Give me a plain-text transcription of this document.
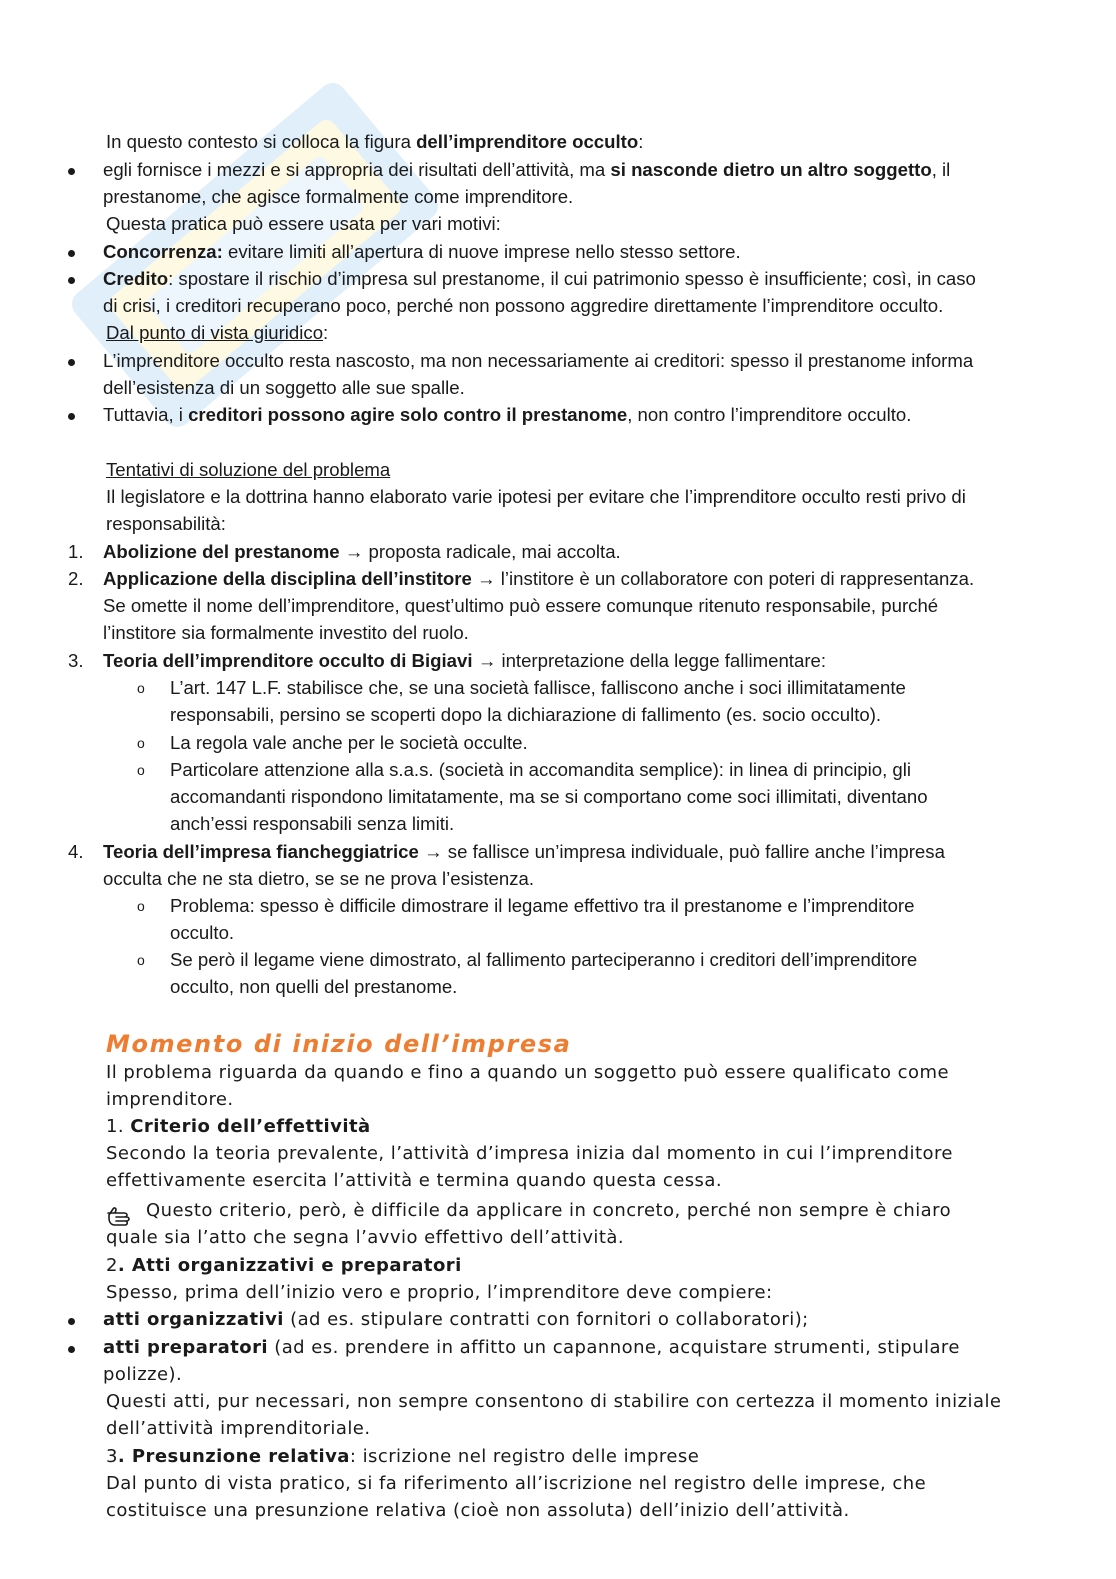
In questo contesto si colloca la figura dell’imprenditore occulto:
egli fornisce i mezzi e si appropria dei risultati dell’attività, ma si nasconde dietro un altro soggetto, il
prestanome, che agisce formalmente come imprenditore.
Questa pratica può essere usata per vari motivi:
Concorrenza: evitare limiti all’apertura di nuove imprese nello stesso settore.
Credito: spostare il rischio d’impresa sul prestanome, il cui patrimonio spesso è insufficiente; così, in caso
di crisi, i creditori recuperano poco, perché non possono aggredire direttamente l’imprenditore occulto.
Dal punto di vista giuridico:
L’imprenditore occulto resta nascosto, ma non necessariamente ai creditori: spesso il prestanome informa
dell’esistenza di un soggetto alle sue spalle.
Tuttavia, i creditori possono agire solo contro il prestanome, non contro l’imprenditore occulto.
Tentativi di soluzione del problema
Il legislatore e la dottrina hanno elaborato varie ipotesi per evitare che l’imprenditore occulto resti privo di
responsabilità:
1. Abolizione del prestanome → proposta radicale, mai accolta.
2. Applicazione della disciplina dell’institore → l’institore è un collaboratore con poteri di rappresentanza.
Se omette il nome dell’imprenditore, quest’ultimo può essere comunque ritenuto responsabile, purché
l’institore sia formalmente investito del ruolo.
3. Teoria dell’imprenditore occulto di Bigiavi → interpretazione della legge fallimentare:
o L’art. 147 L.F. stabilisce che, se una società fallisce, falliscono anche i soci illimitatamente
responsabili, persino se scoperti dopo la dichiarazione di fallimento (es. socio occulto).
o La regola vale anche per le società occulte.
o Particolare attenzione alla s.a.s. (società in accomandita semplice): in linea di principio, gli
accomandanti rispondono limitatamente, ma se si comportano come soci illimitati, diventano
anch’essi responsabili senza limiti.
4. Teoria dell’impresa fiancheggiatrice → se fallisce un’impresa individuale, può fallire anche l’impresa
occulta che ne sta dietro, se se ne prova l’esistenza.
o Problema: spesso è difficile dimostrare il legame effettivo tra il prestanome e l’imprenditore
occulto.
o Se però il legame viene dimostrato, al fallimento parteciperanno i creditori dell’imprenditore
occulto, non quelli del prestanome.
Momento di inizio dell’impresa
Il problema riguarda da quando e fino a quando un soggetto può essere qualificato come
imprenditore.
1. Criterio dell’effettività
Secondo la teoria prevalente, l’attività d’impresa inizia dal momento in cui l’imprenditore
effettivamente esercita l’attività e termina quando questa cessa.
Questo criterio, però, è difficile da applicare in concreto, perché non sempre è chiaro
quale sia l’atto che segna l’avvio effettivo dell’attività.
2. Atti organizzativi e preparatori
Spesso, prima dell’inizio vero e proprio, l’imprenditore deve compiere:
atti organizzativi (ad es. stipulare contratti con fornitori o collaboratori);
atti preparatori (ad es. prendere in affitto un capannone, acquistare strumenti, stipulare
polizze).
Questi atti, pur necessari, non sempre consentono di stabilire con certezza il momento iniziale
dell’attività imprenditoriale.
3. Presunzione relativa: iscrizione nel registro delle imprese
Dal punto di vista pratico, si fa riferimento all’iscrizione nel registro delle imprese, che
costituisce una presunzione relativa (cioè non assoluta) dell’inizio dell’attività.
